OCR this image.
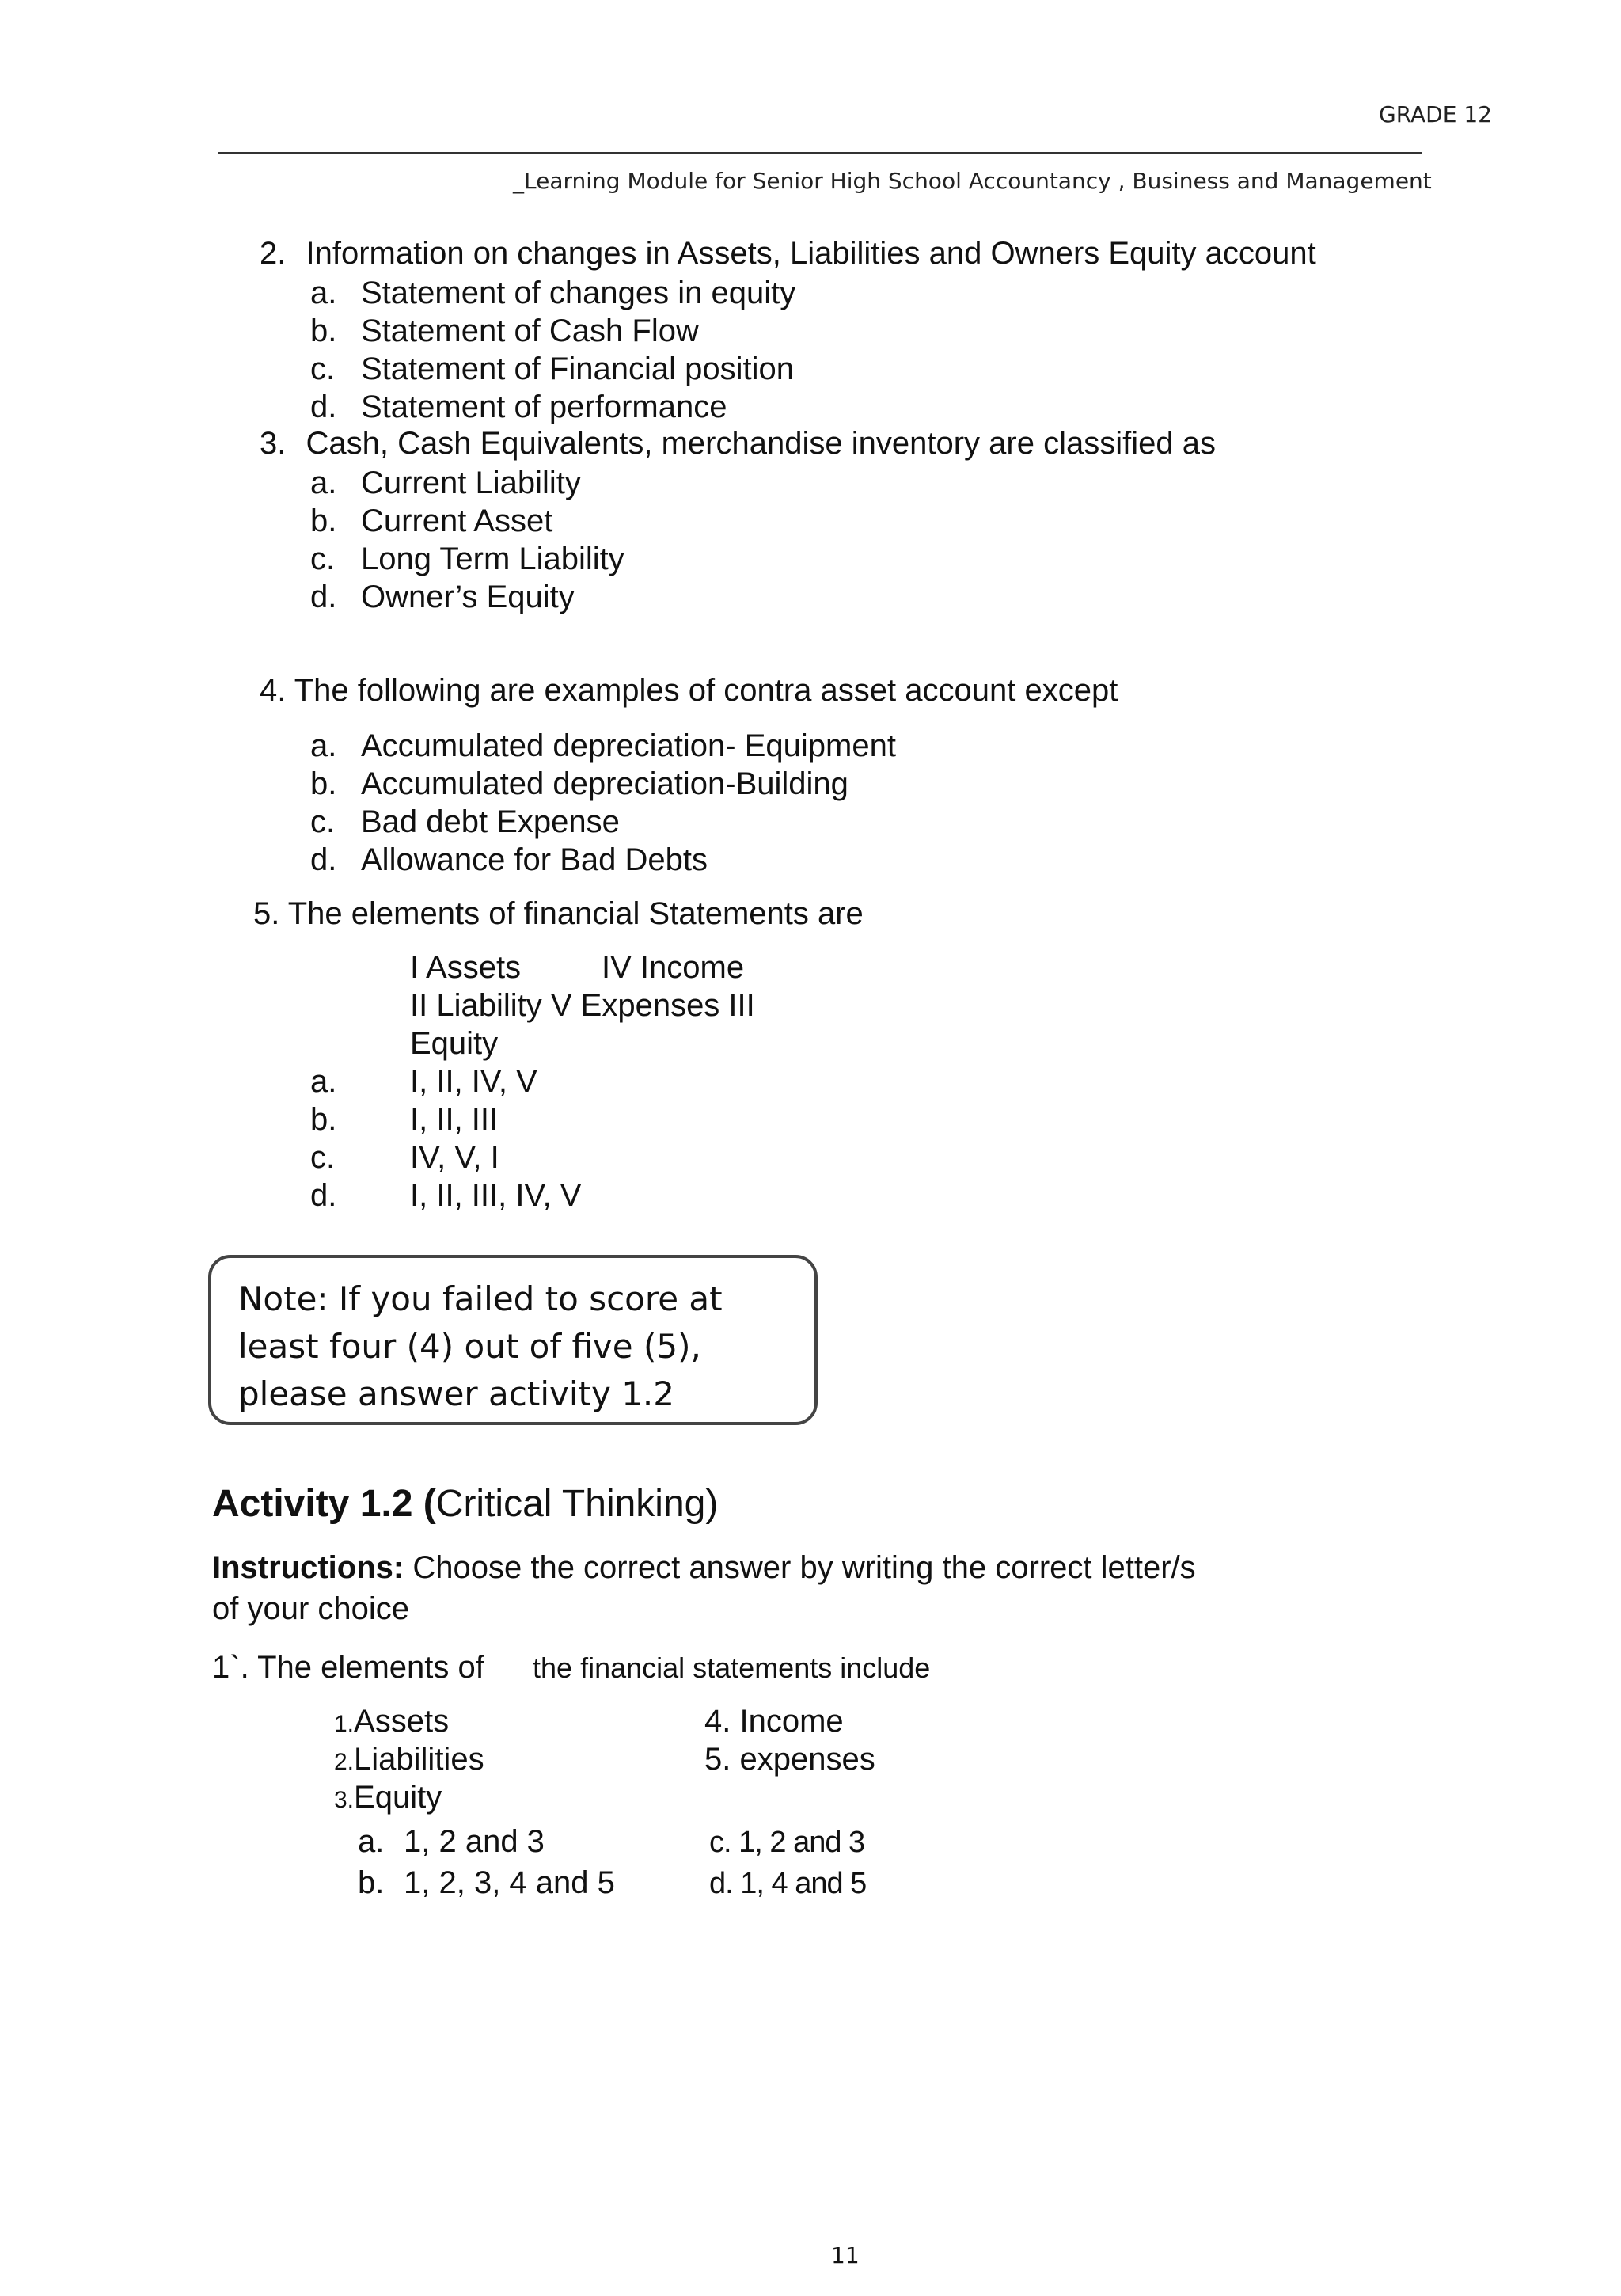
GRADE 12
_Learning Module for Senior High School Accountancy , Business and Management
2. Information on changes in Assets, Liabilities and Owners Equity account
a. Statement of changes in equity
b. Statement of Cash Flow
c. Statement of Financial position
d. Statement of performance
3. Cash, Cash Equivalents, merchandise inventory are classified as
a. Current Liability
b. Current Asset
c. Long Term Liability
d. Owner’s Equity
4. The following are examples of contra asset account except
a. Accumulated depreciation- Equipment
b. Accumulated depreciation-Building
c. Bad debt Expense
d. Allowance for Bad Debts
5. The elements of financial Statements are
I Assets	IV Income
II Liability V Expenses III
Equity
a. I, II, IV, V
b. I, II, III
c. IV, V, I
d. I, II, III, IV, V
Note: If you failed to score at least four (4) out of five (5), please answer activity 1.2
Activity 1.2 (Critical Thinking)
Instructions: Choose the correct answer by writing the correct letter/s
of your choice
1`. The elements of the financial statements include
1.Assets
2.Liabilities
3.Equity
4. Income
5. expenses
a. 1, 2 and 3
b. 1, 2, 3, 4 and 5
c. 1, 2 and 3
d. 1, 4 and 5
11
